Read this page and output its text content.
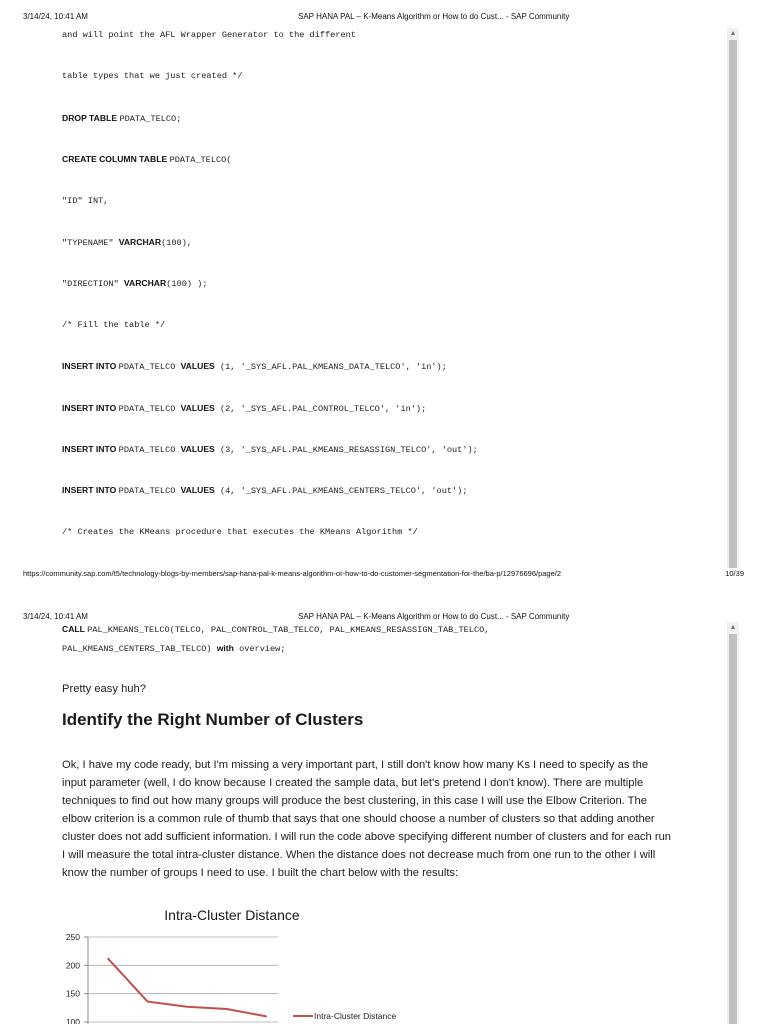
3/14/24, 10:41 AM	SAP HANA PAL – K-Means Algorithm or How to do Cust... - SAP Community
and will point the AFL Wrapper Generator to the different
table types that we just created */
DROP TABLE PDATA_TELCO;
CREATE COLUMN TABLE PDATA_TELCO(
"ID" INT,
"TYPENAME" VARCHAR(100),
"DIRECTION" VARCHAR(100) );
/* Fill the table */
INSERT INTO PDATA_TELCO VALUES (1, '_SYS_AFL.PAL_KMEANS_DATA_TELCO', 'in');
INSERT INTO PDATA_TELCO VALUES (2, '_SYS_AFL.PAL_CONTROL_TELCO', 'in');
INSERT INTO PDATA_TELCO VALUES (3, '_SYS_AFL.PAL_KMEANS_RESASSIGN_TELCO', 'out');
INSERT INTO PDATA_TELCO VALUES (4, '_SYS_AFL.PAL_KMEANS_CENTERS_TELCO', 'out');
/* Creates the KMeans procedure that executes the KMeans Algorithm */
▲
https://community.sap.com/t5/technology-blogs-by-members/sap-hana-pal-k-means-algorithm-or-how-to-do-customer-segmentation-for-the/ba-p/12976696/page/2	10/39
3/14/24, 10:41 AM	SAP HANA PAL – K-Means Algorithm or How to do Cust... - SAP Community
CALL PAL_KMEANS_TELCO(TELCO, PAL_CONTROL_TAB_TELCO, PAL_KMEANS_RESASSIGN_TAB_TELCO,
PAL_KMEANS_CENTERS_TAB_TELCO) with overview;
Pretty easy huh?
Identify the Right Number of Clusters
Ok, I have my code ready, but I'm missing a very important part, I still don't know how many Ks I need to specify as the
input parameter (well, I do know because I created the sample data, but let's pretend I don't know). There are multiple
techniques to find out how many groups will produce the best clustering, in this case I will use the Elbow Criterion. The
elbow criterion is a common rule of thumb that says that one should choose a number of clusters so that adding another
cluster does not add sufficient information. I will run the code above specifying different number of clusters and for each run
I will measure the total intra-cluster distance. When the distance does not decrease much from one run to the other I will
know the number of groups I need to use. I built the chart below with the results:
Intra-Cluster Distance
250
200
150
100
Intra-Cluster Distance
▲
